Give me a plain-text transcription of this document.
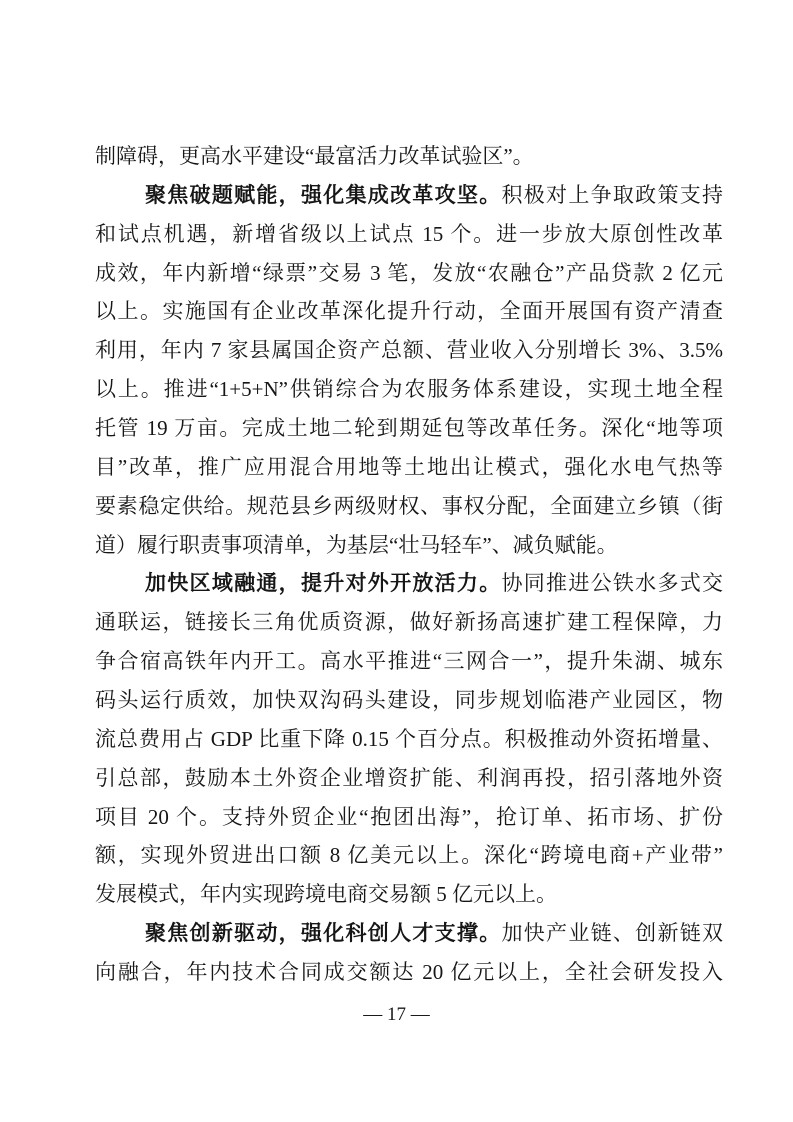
制障碍，更高水平建设“最富活力改革试验区”。
聚焦破题赋能，强化集成改革攻坚。积极对上争取政策支持
和试点机遇，新增省级以上试点 15 个。进一步放大原创性改革
成效，年内新增“绿票”交易 3 笔，发放“农融仓”产品贷款 2 亿元
以上。实施国有企业改革深化提升行动，全面开展国有资产清查
利用，年内 7 家县属国企资产总额、营业收入分别增长 3%、3.5%
以上。推进“1+5+N”供销综合为农服务体系建设，实现土地全程
托管 19 万亩。完成土地二轮到期延包等改革任务。深化“地等项
目”改革，推广应用混合用地等土地出让模式，强化水电气热等
要素稳定供给。规范县乡两级财权、事权分配，全面建立乡镇（街
道）履行职责事项清单，为基层“壮马轻车”、减负赋能。
加快区域融通，提升对外开放活力。协同推进公铁水多式交
通联运，链接长三角优质资源，做好新扬高速扩建工程保障，力
争合宿高铁年内开工。高水平推进“三网合一”，提升朱湖、城东
码头运行质效，加快双沟码头建设，同步规划临港产业园区，物
流总费用占 GDP 比重下降 0.15 个百分点。积极推动外资拓增量、
引总部，鼓励本土外资企业增资扩能、利润再投，招引落地外资
项目 20 个。支持外贸企业“抱团出海”，抢订单、拓市场、扩份
额，实现外贸进出口额 8 亿美元以上。深化“跨境电商+产业带”
发展模式，年内实现跨境电商交易额 5 亿元以上。
聚焦创新驱动，强化科创人才支撑。加快产业链、创新链双
向融合，年内技术合同成交额达 20 亿元以上，全社会研发投入
— 17 —
